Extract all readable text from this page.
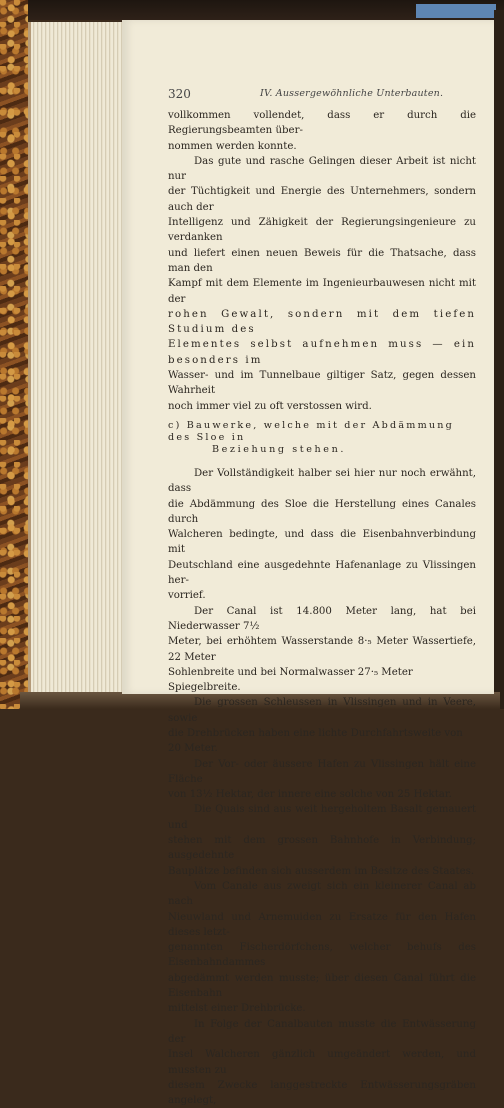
320	IV. Aussergewöhnliche Unterbauten.

vollkommen vollendet, dass er durch die Regierungsbeamten über-

nommen werden konnte.

Das gute und rasche Gelingen dieser Arbeit ist nicht nur

der Tüchtigkeit und Energie des Unternehmers, sondern auch der

Intelligenz und Zähigkeit der Regierungsingenieure zu verdanken

und liefert einen neuen Beweis für die Thatsache, dass man den

Kampf mit dem Elemente im Ingenieurbauwesen nicht mit der

rohen Gewalt, sondern mit dem tiefen Studium des

Elementes selbst aufnehmen muss — ein besonders im

Wasser- und im Tunnelbaue giltiger Satz, gegen dessen Wahrheit

noch immer viel zu oft verstossen wird.

c) Bauwerke, welche mit der Abdämmung des Sloe in
Beziehung stehen.

Der Vollständigkeit halber sei hier nur noch erwähnt, dass

die Abdämmung des Sloe die Herstellung eines Canales durch

Walcheren bedingte, und dass die Eisenbahnverbindung mit

Deutschland eine ausgedehnte Hafenanlage zu Vlissingen her-

vorrief.

Der Canal ist 14.800 Meter lang, hat bei Niederwasser 7½

Meter, bei erhöhtem Wasserstande 8·₅ Meter Wassertiefe, 22 Meter

Sohlenbreite und bei Normalwasser 27·₅ Meter Spiegelbreite.

Die grossen Schleussen in Vlissingen und in Veere, sowie

die Drehbrücken haben eine lichte Durchfahrtsweite von 20 Meter.

Der Vor- oder äussere Hafen zu Vlissingen hält eine Fläche

von 13½ Hektar, der innere eine solche von 25 Hektar.

Die Quais sind aus weit hergeholtem Basalt gemauert und

stehen mit dem grossen Bahnhofe in Verbindung; ausgedehnte

Bauplätze befinden sich ausserdem im Besitze des Staates.

Vom Canale aus zweigt sich ein kleinerer Canal ab nach

Nieuwland und Arnemuiden zu Ersatze für den Hafen dieses letzt-

genannten Fischerdörfchens, welcher behufs des Eisenbahndammes

abgedämmt werden musste; über diesen Canal führt die Eisenbahn

mittelst einer Drehbrücke.

In Folge der Canalbauten musste die Entwässerung der

Insel Walcheren gänzlich umgeändert werden, und mussten zu

diesem Zwecke langgestreckte Entwässerungsgräben angelegt,
